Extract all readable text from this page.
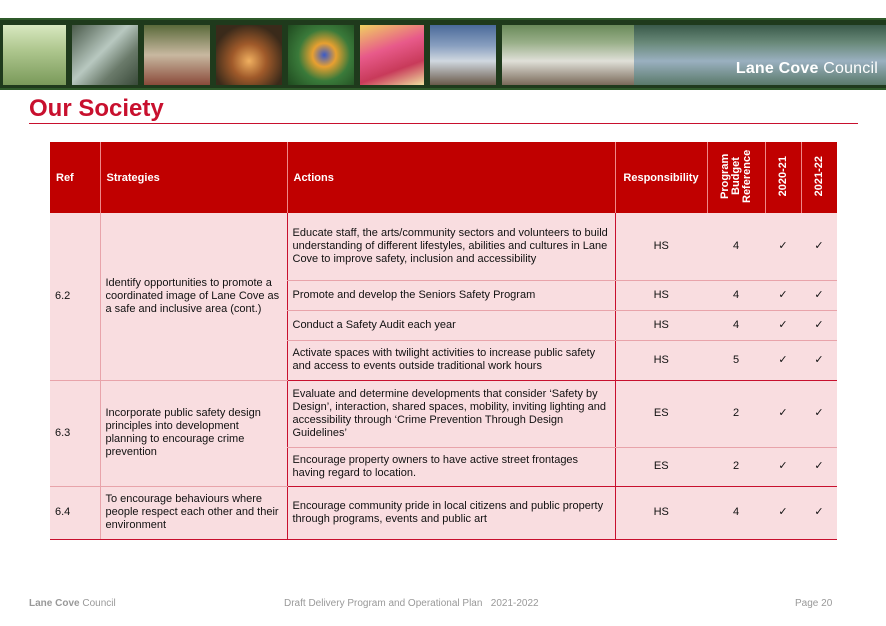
Lane Cove Council
Our Society
Ref	Strategies	Actions	Responsibility	Program Budget Reference	2020-21	2021-22
6.2	Identify opportunities to promote a coordinated image of Lane Cove as a safe and inclusive area (cont.)	Educate staff, the arts/community sectors and volunteers to build understanding of different lifestyles, abilities and cultures in Lane Cove to improve safety, inclusion and accessibility	HS	4	✓	✓
		Promote and develop the Seniors Safety Program	HS	4	✓	✓
		Conduct a Safety Audit each year	HS	4	✓	✓
		Activate spaces with twilight activities to increase public safety and access to events outside traditional work hours	HS	5	✓	✓
6.3	Incorporate public safety design principles into development planning to encourage crime prevention	Evaluate and determine developments that consider ‘Safety by Design’, interaction, shared spaces, mobility, inviting lighting and accessibility through ‘Crime Prevention Through Design Guidelines’	ES	2	✓	✓
		Encourage property owners to have active street frontages having regard to location.	ES	2	✓	✓
6.4	To encourage behaviours where people respect each other and their environment	Encourage community pride in local citizens and public property through programs, events and public art	HS	4	✓	✓
Lane Cove Council	Draft Delivery Program and Operational Plan   2021-2022	Page 20
